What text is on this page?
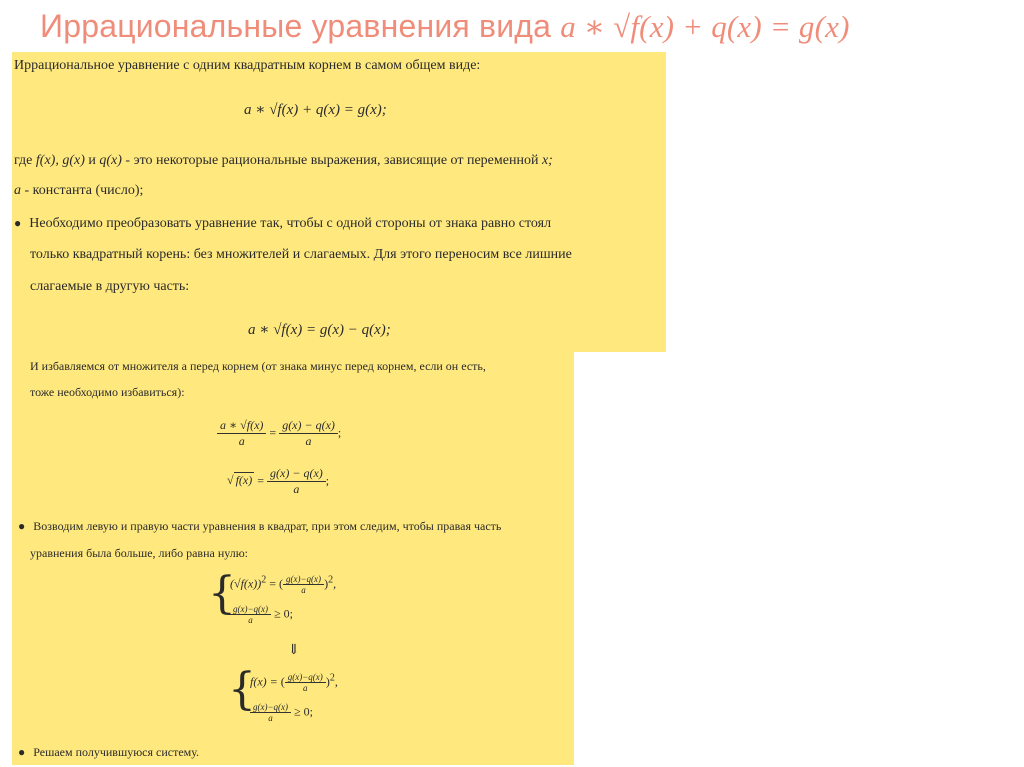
Иррациональные уравнения вида a ∗ √f(x) + q(x) = g(x)
Иррациональное уравнение с одним квадратным корнем в самом общем виде:
a ∗ √f(x) + q(x) = g(x);
где f(x), g(x) и q(x) - это некоторые рациональные выражения, зависящие от переменной x;
a - константа (число);
● Необходимо преобразовать уравнение так, чтобы с одной стороны от знака равно стоял
только квадратный корень: без множителей и слагаемых. Для этого переносим все лишние
слагаемые в другую часть:
a ∗ √f(x) = g(x) − q(x);
И избавляемся от множителя a перед корнем (от знака минус перед корнем, если он есть,
тоже необходимо избавиться):
$\frac{a ∗ √f(x)}{a} = \frac{g(x) - q(x)}{a}$ ;
√ $f(x) = \frac{g(x) - q(x)}{a}$ ;
● Возводим левую и правую части уравнения в квадрат, при этом следим, чтобы правая часть
уравнения была больше, либо равна нулю:
{
$(√f(x))^2$ = ( $\frac{g(x)-q(x)}{a} )^2$,
$\frac{g(x)-q(x)}{a} \ge 0$;
⇓
{
f(x) = ( $\frac{g(x)-q(x)}{a} )^2$,
$\frac{g(x)-q(x)}{a} \ge 0$;
● Решаем получившуюся систему.
